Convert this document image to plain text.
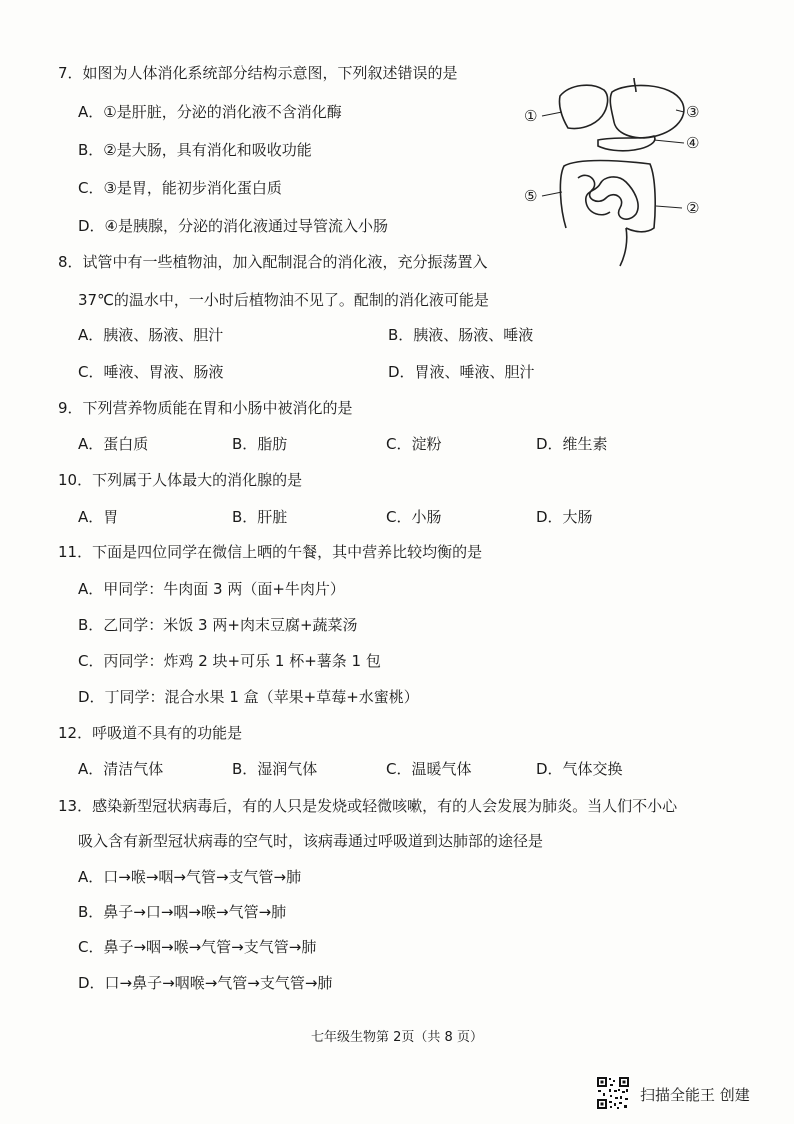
7．如图为人体消化系统部分结构示意图，下列叙述错误的是
A．①是肝脏，分泌的消化液不含消化酶
B．②是大肠，具有消化和吸收功能
C．③是胃，能初步消化蛋白质
D．④是胰腺，分泌的消化液通过导管流入小肠
①	③
④
⑤
②
8．试管中有一些植物油，加入配制混合的消化液，充分振荡置入
37℃的温水中，一小时后植物油不见了。配制的消化液可能是
A．胰液、肠液、胆汁	B．胰液、肠液、唾液
C．唾液、胃液、肠液	D．胃液、唾液、胆汁
9．下列营养物质能在胃和小肠中被消化的是
A．蛋白质	B．脂肪	C．淀粉	D．维生素
10．下列属于人体最大的消化腺的是
A．胃	B．肝脏	C．小肠	D．大肠
11．下面是四位同学在微信上晒的午餐，其中营养比较均衡的是
A．甲同学：牛肉面 3 两（面+牛肉片）
B．乙同学：米饭 3 两+肉末豆腐+蔬菜汤
C．丙同学：炸鸡 2 块+可乐 1 杯+薯条 1 包
D．丁同学：混合水果 1 盒（苹果+草莓+水蜜桃）
12．呼吸道不具有的功能是
A．清洁气体	B．湿润气体	C．温暖气体	D．气体交换
13．感染新型冠状病毒后，有的人只是发烧或轻微咳嗽，有的人会发展为肺炎。当人们不小心
吸入含有新型冠状病毒的空气时，该病毒通过呼吸道到达肺部的途径是
A．口→喉→咽→气管→支气管→肺
B．鼻子→口→咽→喉→气管→肺
C．鼻子→咽→喉→气管→支气管→肺
D．口→鼻子→咽喉→气管→支气管→肺
七年级生物第 2页（共 8 页）
扫描全能王 创建
